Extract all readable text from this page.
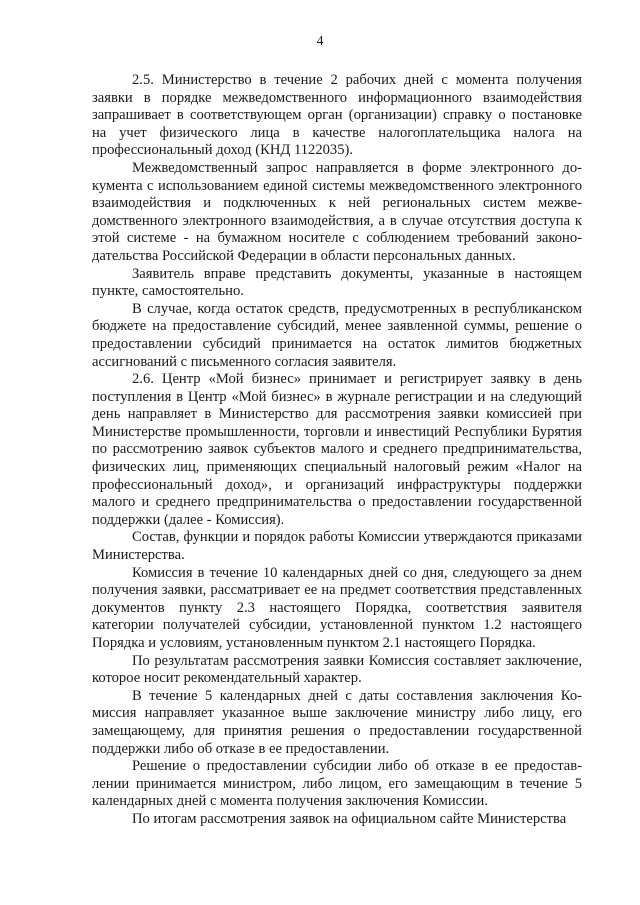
4

2.5. Министерство в течение 2 рабочих дней с момента получения заявки в порядке межведомственного информационного взаимодействия запрашивает в соответствующем орган (организации) справку о постановке на учет физического лица в качестве налогоплательщика налога на профессиональный доход (КНД 1122035).

Межведомственный запрос направляется в форме электронного документа с использованием единой системы межведомственного электронного взаимодействия и подключенных к ней региональных систем межведомственного электронного взаимодействия, а в случае отсутствия доступа к этой системе - на бумажном носителе с соблюдением требований законодательства Российской Федерации в области персональных данных.

Заявитель вправе представить документы, указанные в настоящем пункте, самостоятельно.

В случае, когда остаток средств, предусмотренных в республиканском бюджете на предоставление субсидий, менее заявленной суммы, решение о предоставлении субсидий принимается на остаток лимитов бюджетных ассигнований с письменного согласия заявителя.

2.6. Центр «Мой бизнес» принимает и регистрирует заявку в день поступления в Центр «Мой бизнес» в журнале регистрации и на следующий день направляет в Министерство для рассмотрения заявки комиссией при Министерстве промышленности, торговли и инвестиций Республики Бурятия по рассмотрению заявок субъектов малого и среднего предпринимательства, физических лиц, применяющих специальный налоговый режим «Налог на профессиональный доход», и организаций инфраструктуры поддержки малого и среднего предпринимательства о предоставлении государственной поддержки (далее - Комиссия).

Состав, функции и порядок работы Комиссии утверждаются приказами Министерства.

Комиссия в течение 10 календарных дней со дня, следующего за днем получения заявки, рассматривает ее на предмет соответствия представленных документов пункту 2.3 настоящего Порядка, соответствия заявителя категории получателей субсидии, установленной пунктом 1.2 настоящего Порядка и условиям, установленным пунктом 2.1 настоящего Порядка.

По результатам рассмотрения заявки Комиссия составляет заключение, которое носит рекомендательный характер.

В течение 5 календарных дней с даты составления заключения Комиссия направляет указанное выше заключение министру либо лицу, его замещающему, для принятия решения о предоставлении государственной поддержки либо об отказе в ее предоставлении.

Решение о предоставлении субсидии либо об отказе в ее предоставлении принимается министром, либо лицом, его замещающим в течение 5 календарных дней с момента получения заключения Комиссии.

По итогам рассмотрения заявок на официальном сайте Министерства
